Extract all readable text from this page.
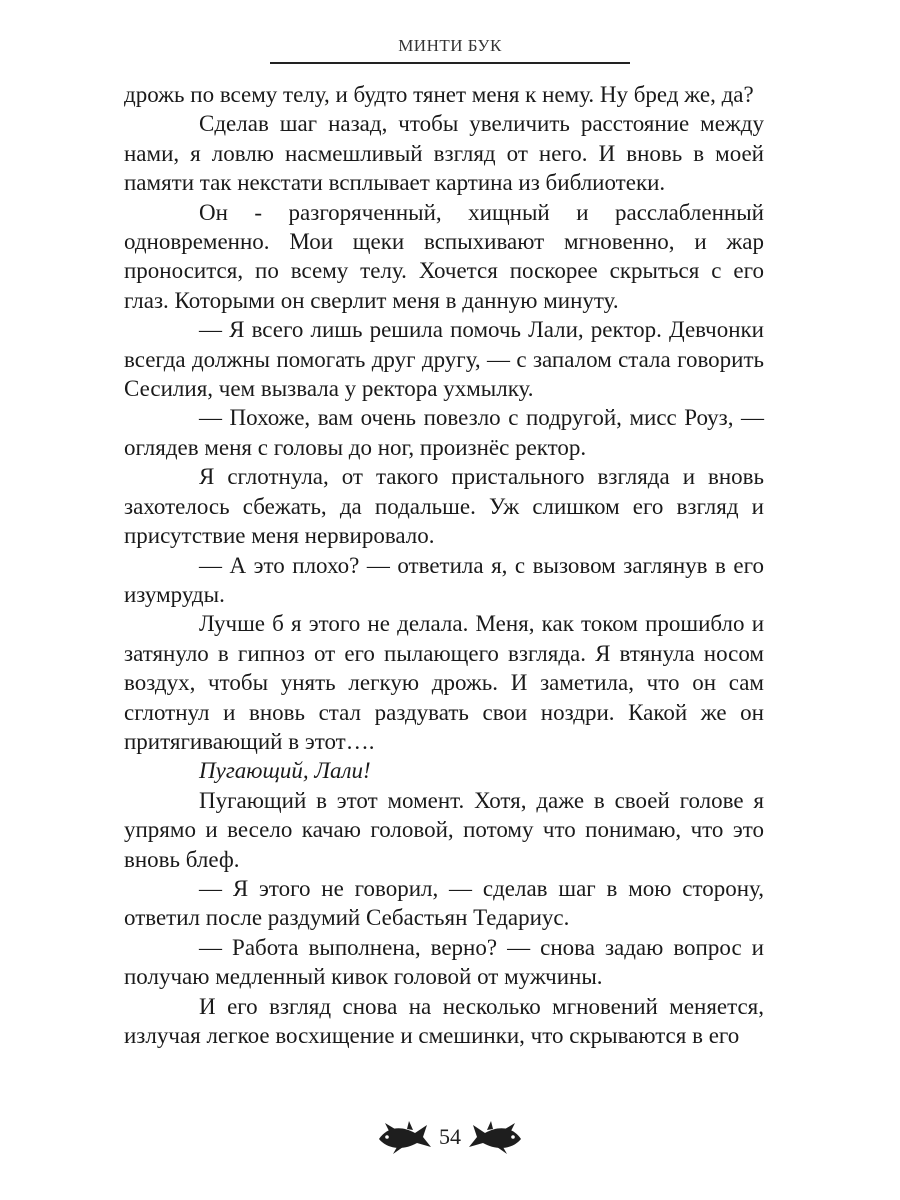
МИНТИ БУК

дрожь по всему телу, и будто тянет меня к нему. Ну бред же, да?

Сделав шаг назад, чтобы увеличить расстояние между нами, я ловлю насмешливый взгляд от него. И вновь в моей памяти так некстати всплывает картина из библиотеки.

Он - разгоряченный, хищный и расслабленный одновременно. Мои щеки вспыхивают мгновенно, и жар проносится, по всему телу. Хочется поскорее скрыться с его глаз. Которыми он сверлит меня в данную минуту.

— Я всего лишь решила помочь Лали, ректор. Девчонки всегда должны помогать друг другу, — с запалом стала говорить Сесилия, чем вызвала у ректора ухмылку.

— Похоже, вам очень повезло с подругой, мисс Роуз, — оглядев меня с головы до ног, произнёс ректор.

Я сглотнула, от такого пристального взгляда и вновь захотелось сбежать, да подальше. Уж слишком его взгляд и присутствие меня нервировало.

— А это плохо? — ответила я, с вызовом заглянув в его изумруды.

Лучше б я этого не делала. Меня, как током прошибло и затянуло в гипноз от его пылающего взгляда. Я втянула носом воздух, чтобы унять легкую дрожь. И заметила, что он сам сглотнул и вновь стал раздувать свои ноздри. Какой же он притягивающий в этот….

Пугающий, Лали!

Пугающий в этот момент. Хотя, даже в своей голове я упрямо и весело качаю головой, потому что понимаю, что это вновь блеф.

— Я этого не говорил, — сделав шаг в мою сторону, ответил после раздумий Себастьян Тедариус.

— Работа выполнена, верно? — снова задаю вопрос и получаю медленный кивок головой от мужчины.

И его взгляд снова на несколько мгновений меняется, излучая легкое восхищение и смешинки, что скрываются в его

54
